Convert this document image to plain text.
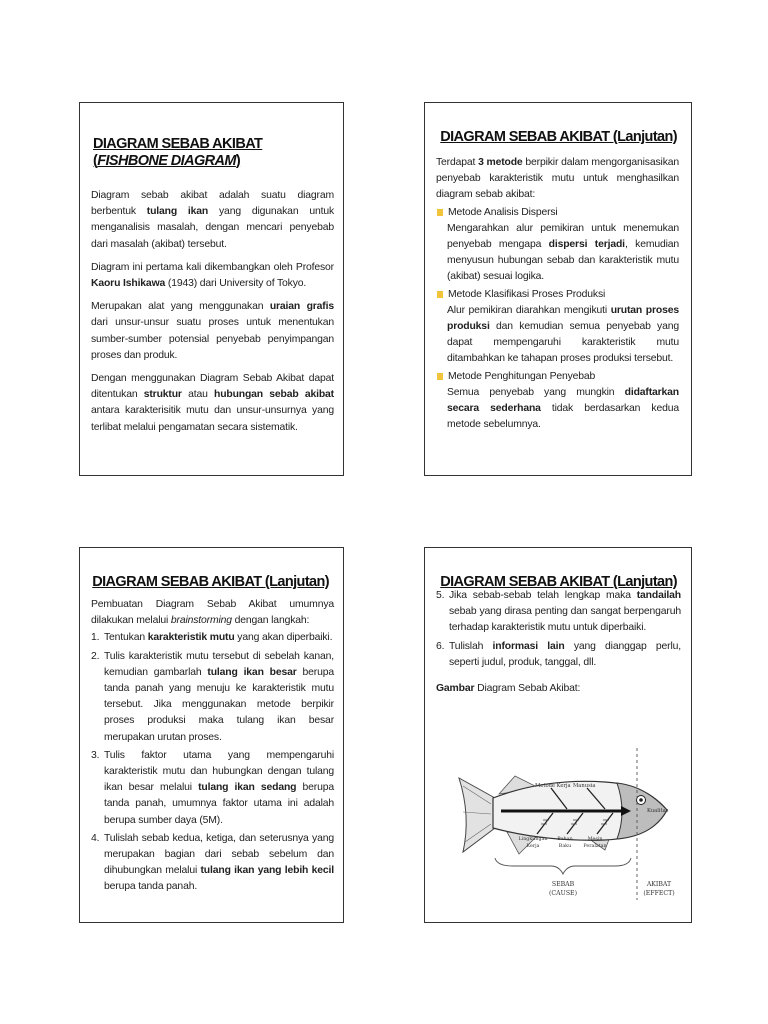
DIAGRAM SEBAB AKIBAT (FISHBONE DIAGRAM)

Diagram sebab akibat adalah suatu diagram berbentuk tulang ikan yang digunakan untuk menganalisis masalah, dengan mencari penyebab dari masalah (akibat) tersebut.

Diagram ini pertama kali dikembangkan oleh Profesor Kaoru Ishikawa (1943) dari University of Tokyo.

Merupakan alat yang menggunakan uraian grafis dari unsur-unsur suatu proses untuk menentukan sumber-sumber potensial penyebab penyimpangan proses dan produk.

Dengan menggunakan Diagram Sebab Akibat dapat ditentukan struktur atau hubungan sebab akibat antara karakterisitik mutu dan unsur-unsurnya yang terlibat melalui pengamatan secara sistematik.

DIAGRAM SEBAB AKIBAT (Lanjutan)

Terdapat 3 metode berpikir dalam mengorganisasikan penyebab karakteristik mutu untuk menghasilkan diagram sebab akibat:

Metode Analisis Dispersi

Mengarahkan alur pemikiran untuk menemukan penyebab mengapa dispersi terjadi, kemudian menyusun hubungan sebab dan karakteristik mutu (akibat) sesuai logika.

Metode Klasifikasi Proses Produksi

Alur pemikiran diarahkan mengikuti urutan proses produksi dan kemudian semua penyebab yang dapat mempengaruhi karakteristik mutu ditambahkan ke tahapan proses produksi tersebut.

Metode Penghitungan Penyebab

Semua penyebab yang mungkin didaftarkan secara sederhana tidak berdasarkan kedua metode sebelumnya.

DIAGRAM SEBAB AKIBAT (Lanjutan)

Pembuatan Diagram Sebab Akibat umumnya dilakukan melalui brainstorming dengan langkah:

1. Tentukan karakteristik mutu yang akan diperbaiki.
2. Tulis karakteristik mutu tersebut di sebelah kanan, kemudian gambarlah tulang ikan besar berupa tanda panah yang menuju ke karakteristik mutu tersebut. Jika menggunakan metode berpikir proses produksi maka tulang ikan besar merupakan urutan proses.
3. Tulis faktor utama yang mempengaruhi karakteristik mutu dan hubungkan dengan tulang ikan besar melalui tulang ikan sedang berupa tanda panah, umumnya faktor utama ini adalah berupa sumber daya (5M).
4. Tulislah sebab kedua, ketiga, dan seterusnya yang merupakan bagian dari sebab sebelum dan dihubungkan melalui tulang ikan yang lebih kecil berupa tanda panah.
DIAGRAM SEBAB AKIBAT (Lanjutan)
5. Jika sebab-sebab telah lengkap maka tandailah sebab yang dirasa penting dan sangat berpengaruh terhadap karakteristik mutu untuk diperbaiki.
6. Tulislah informasi lain yang dianggap perlu, seperti judul, produk, tanggal, dll.

Gambar Diagram Sebab Akibat:

Metode Kerja Manusia
Kualitas
Lingkungan
Kerja
Bahan
Baku
Mesin
Peralatan
SEBAB
(CAUSE)
AKIBAT
(EFFECT)
